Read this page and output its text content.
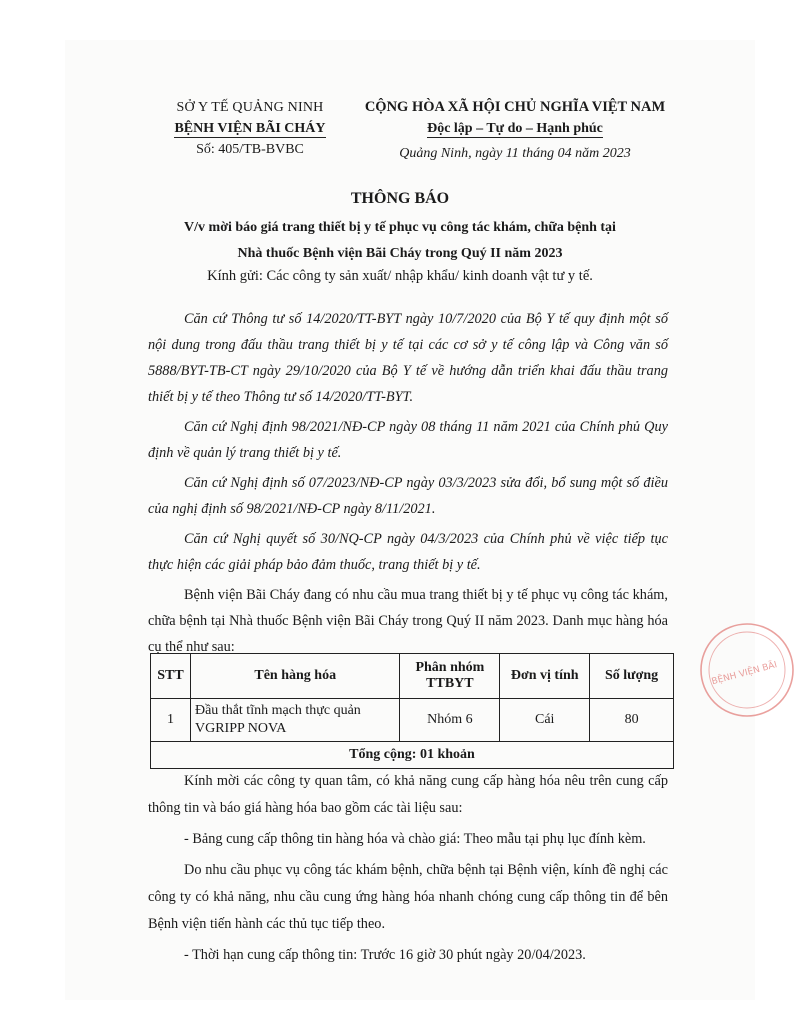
SỞ Y TẾ QUẢNG NINH
BỆNH VIỆN BÃI CHÁY
Số: 405/TB-BVBC
CỘNG HÒA XÃ HỘI CHỦ NGHĨA VIỆT NAM
Độc lập – Tự do – Hạnh phúc
Quảng Ninh, ngày 11 tháng 04 năm 2023
THÔNG BÁO
V/v mời báo giá trang thiết bị y tế phục vụ công tác khám, chữa bệnh tại
Nhà thuốc Bệnh viện Bãi Cháy trong Quý II năm 2023
Kính gửi: Các công ty sản xuất/ nhập khẩu/ kinh doanh vật tư y tế.

Căn cứ Thông tư số 14/2020/TT-BYT ngày 10/7/2020 của Bộ Y tế quy định một số nội dung trong đấu thầu trang thiết bị y tế tại các cơ sở y tế công lập và Công văn số 5888/BYT-TB-CT ngày 29/10/2020 của Bộ Y tế về hướng dẫn triển khai đấu thầu trang thiết bị y tế theo Thông tư số 14/2020/TT-BYT.

Căn cứ Nghị định 98/2021/NĐ-CP ngày 08 tháng 11 năm 2021 của Chính phủ Quy định về quản lý trang thiết bị y tế.

Căn cứ Nghị định số 07/2023/NĐ-CP ngày 03/3/2023 sửa đổi, bổ sung một số điều của nghị định số 98/2021/NĐ-CP ngày 8/11/2021.

Căn cứ Nghị quyết số 30/NQ-CP ngày 04/3/2023 của Chính phủ về việc tiếp tục thực hiện các giải pháp bảo đảm thuốc, trang thiết bị y tế.

Bệnh viện Bãi Cháy đang có nhu cầu mua trang thiết bị y tế phục vụ công tác khám, chữa bệnh tại Nhà thuốc Bệnh viện Bãi Cháy trong Quý II năm 2023. Danh mục hàng hóa cụ thể như sau:

STT	Tên hàng hóa	Phân nhóm TTBYT	Đơn vị tính	Số lượng
1	Đầu thắt tĩnh mạch thực quản VGRIPP NOVA	Nhóm 6	Cái	80
Tổng cộng: 01 khoản				

Kính mời các công ty quan tâm, có khả năng cung cấp hàng hóa nêu trên cung cấp thông tin và báo giá hàng hóa bao gồm các tài liệu sau:

- Bảng cung cấp thông tin hàng hóa và chào giá: Theo mẫu tại phụ lục đính kèm.

Do nhu cầu phục vụ công tác khám bệnh, chữa bệnh tại Bệnh viện, kính đề nghị các công ty có khả năng, nhu cầu cung ứng hàng hóa nhanh chóng cung cấp thông tin để bên Bệnh viện tiến hành các thủ tục tiếp theo.

- Thời hạn cung cấp thông tin: Trước 16 giờ 30 phút ngày 20/04/2023.

BỆNH VIỆN BÃI
